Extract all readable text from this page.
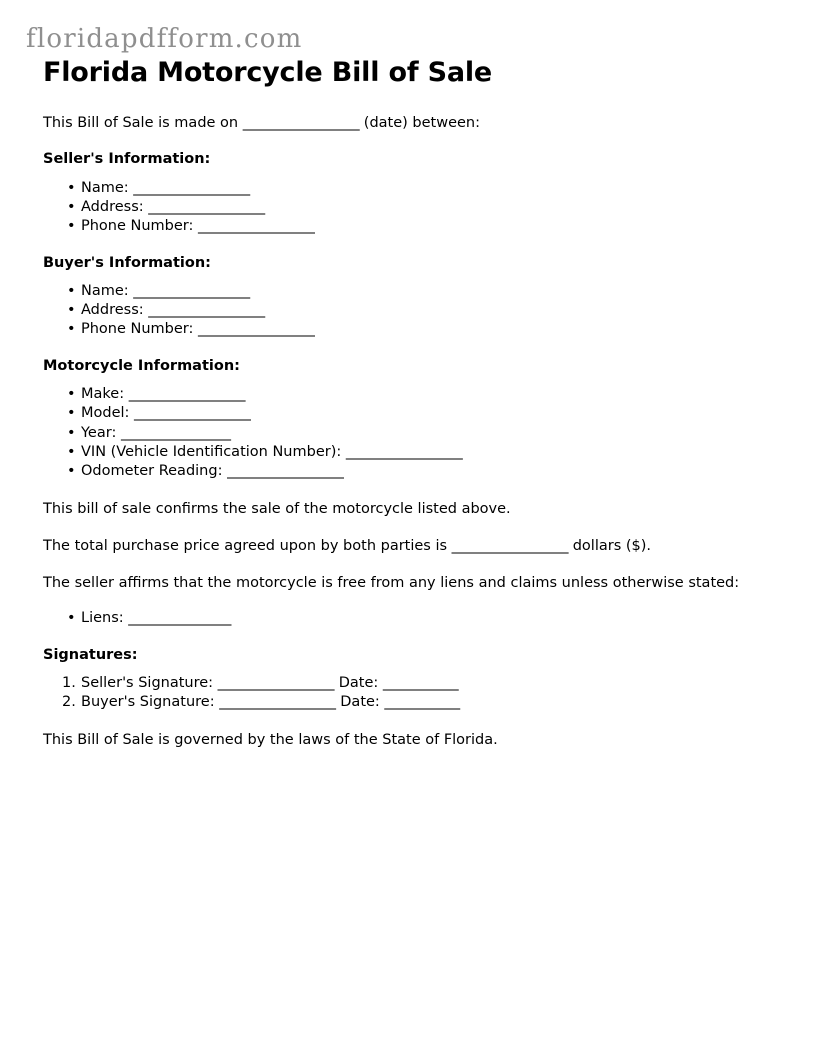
floridapdfform.com
Florida Motorcycle Bill of Sale

This Bill of Sale is made on _________________ (date) between:

Seller's Information:
• Name: _________________
• Address: _________________
• Phone Number: _________________
Buyer's Information:
• Name: _________________
• Address: _________________
• Phone Number: _________________
Motorcycle Information:
• Make: _________________
• Model: _________________
• Year: ________________
• VIN (Vehicle Identification Number): _________________
• Odometer Reading: _________________

This bill of sale confirms the sale of the motorcycle listed above.

The total purchase price agreed upon by both parties is _________________ dollars ($).

The seller affirms that the motorcycle is free from any liens and claims unless otherwise stated:

• Liens: _______________
Signatures:
Seller's Signature: _________________ Date: ___________
Buyer's Signature: _________________ Date: ___________

This Bill of Sale is governed by the laws of the State of Florida.
